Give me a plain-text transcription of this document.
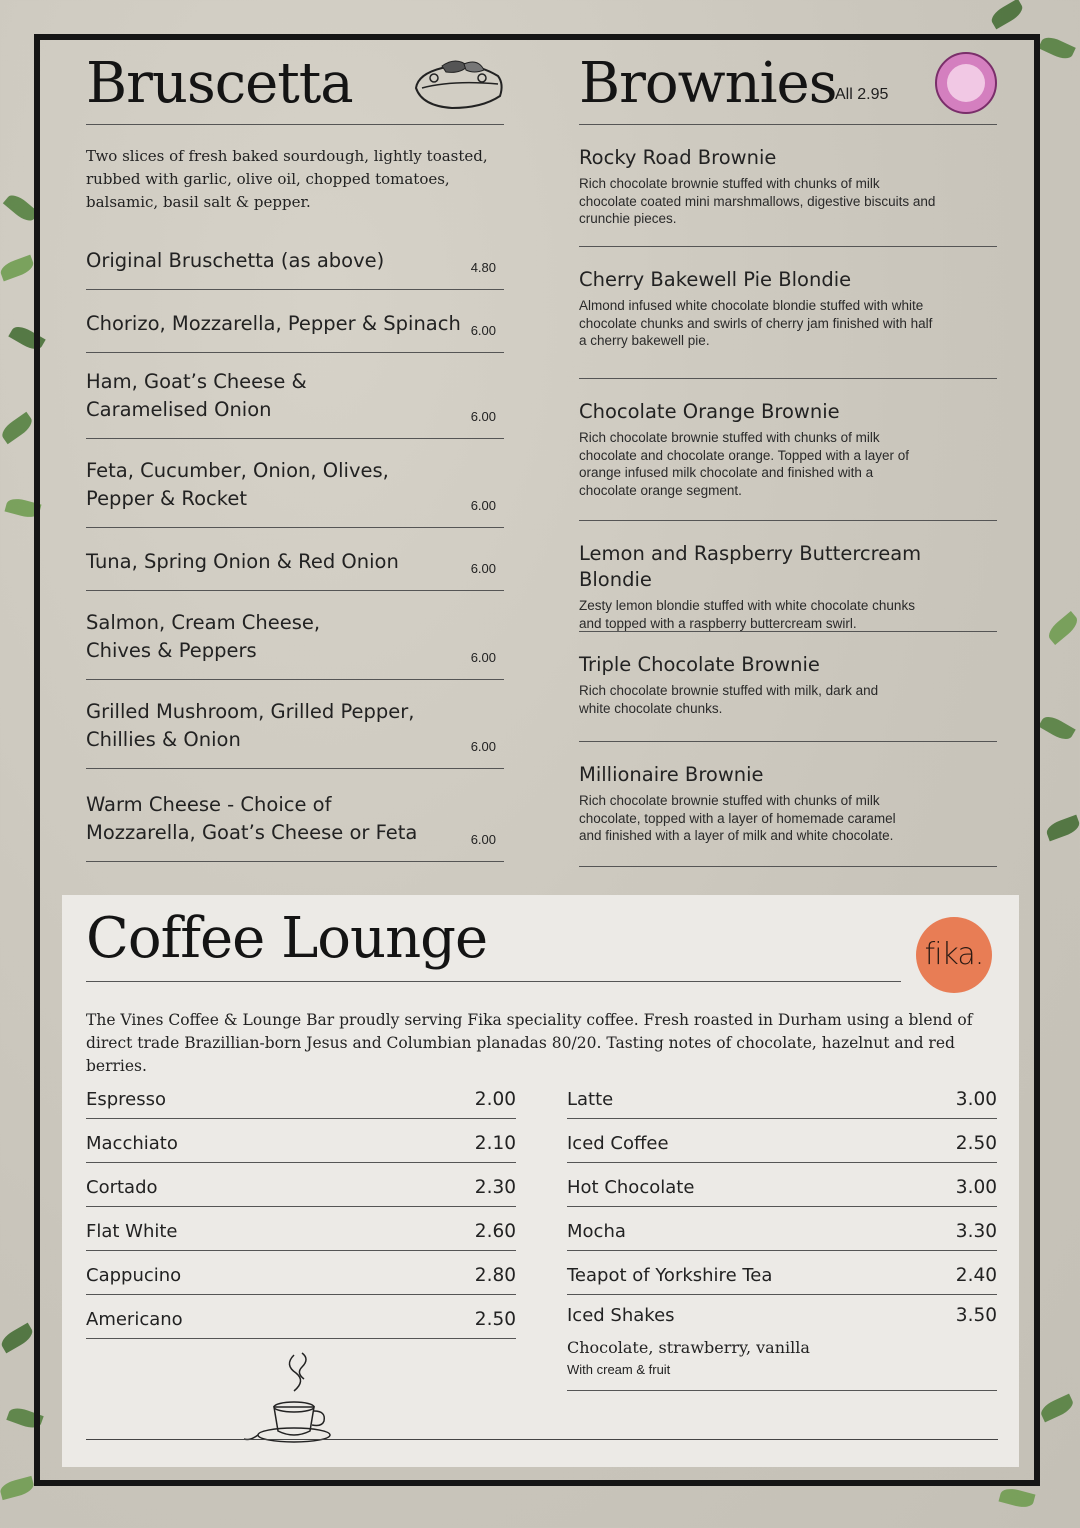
Bruscetta
Two slices of fresh baked sourdough, lightly toasted, rubbed with garlic, olive oil, chopped tomatoes, balsamic, basil salt & pepper.
Original Bruschetta (as above)	4.80
Chorizo, Mozzarella, Pepper & Spinach 6.00
Ham, Goat’s Cheese & Caramelised Onion	6.00
Feta, Cucumber, Onion, Olives, Pepper & Rocket	6.00
Tuna, Spring Onion & Red Onion	6.00
Salmon, Cream Cheese, Chives & Peppers	6.00
Grilled Mushroom, Grilled Pepper, Chillies & Onion	6.00
Warm Cheese - Choice of Mozzarella, Goat’s Cheese or Feta	6.00
Brownies
All 2.95
Rocky Road Brownie
Rich chocolate brownie stuffed with chunks of milk chocolate coated mini marshmallows, digestive biscuits and crunchie pieces.
Cherry Bakewell Pie Blondie
Almond infused white chocolate blondie stuffed with white chocolate chunks and swirls of cherry jam finished with half a cherry bakewell pie.
Chocolate Orange Brownie
Rich chocolate brownie stuffed with chunks of milk chocolate and chocolate orange. Topped with a layer of orange infused milk chocolate and finished with a chocolate orange segment.
Lemon and Raspberry Buttercream Blondie
Zesty lemon blondie stuffed with white chocolate chunks and topped with a raspberry buttercream swirl.
Triple Chocolate Brownie
Rich chocolate brownie stuffed with milk, dark and white chocolate chunks.
Millionaire Brownie
Rich chocolate brownie stuffed with chunks of milk chocolate, topped with a layer of homemade caramel and finished with a layer of milk and white chocolate.
Coffee Lounge	fika.
The Vines Coffee & Lounge Bar proudly serving Fika speciality coffee. Fresh roasted in Durham using a blend of direct trade Brazillian-born Jesus and Columbian planadas 80/20. Tasting notes of chocolate, hazelnut and red berries.
Espresso	2.00
Macchiato	2.10
Cortado	2.30
Flat White	2.60
Cappucino	2.80
Americano	2.50
Latte	3.00
Iced Coffee	2.50
Hot Chocolate	3.00
Mocha	3.30
Teapot of Yorkshire Tea	2.40
Iced Shakes	3.50
Chocolate, strawberry, vanilla
With cream & fruit
